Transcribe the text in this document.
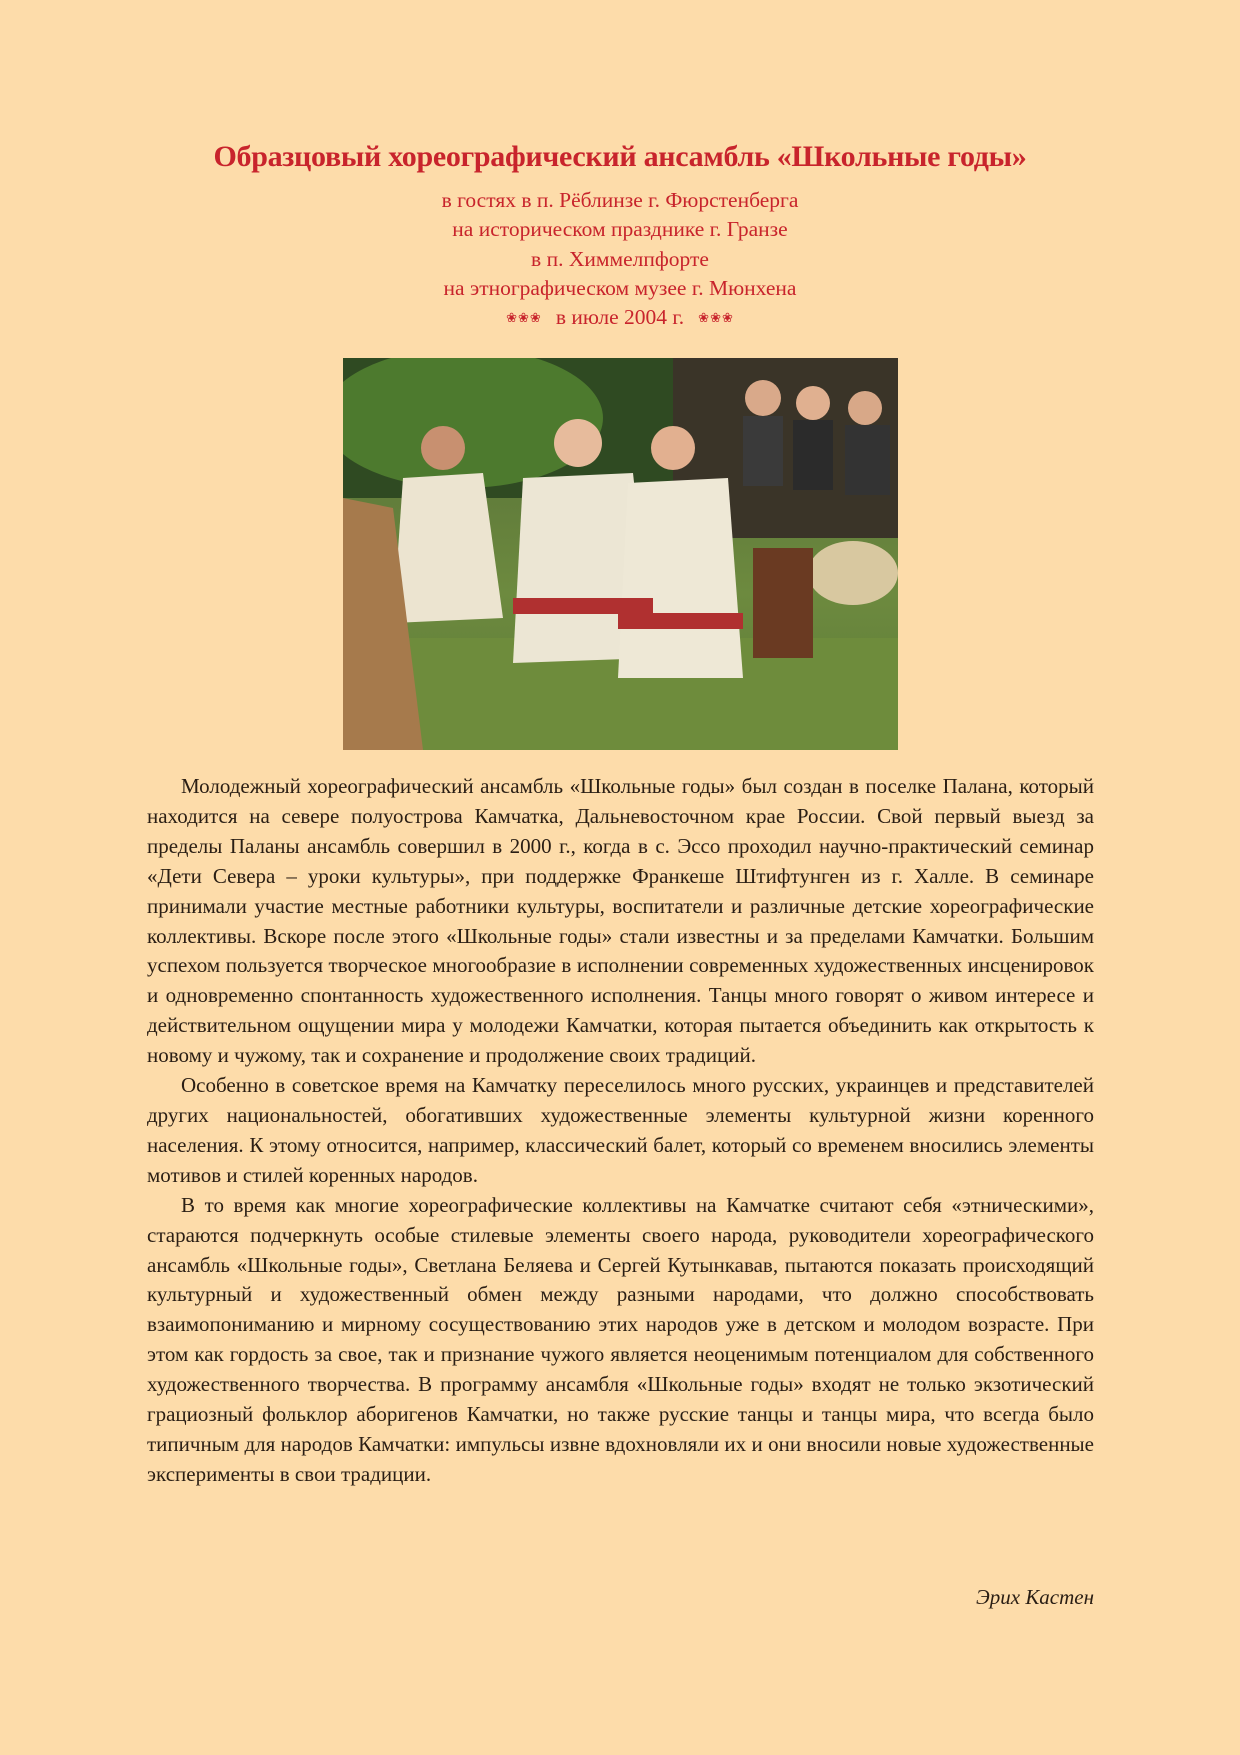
Образцовый хореографический ансамбль «Школьные годы»
в гостях в п. Рёблинзе г. Фюрстенберга
на историческом празднике г. Гранзе
в п. Химмелпфорте
на этнографическом музее г. Мюнхена
❀❀❀ в июле 2004 г. ❀❀❀

Молодежный хореографический ансамбль «Школьные годы» был создан в поселке Палана, который находится на севере полуострова Камчатка, Дальневосточном крае России. Свой первый выезд за пределы Паланы ансамбль совершил в 2000 г., когда в с. Эссо проходил научно-практический семинар «Дети Севера – уроки культуры», при поддержке Франкеше Штифтунген из г. Халле. В семинаре принимали участие местные работники культуры, воспитатели и различные детские хореографические коллективы. Вскоре после этого «Школьные годы» стали известны и за пределами Камчатки. Большим успехом пользуется творческое многообразие в исполнении современных художественных инсценировок и одновременно спонтанность художественного исполнения. Танцы много говорят о живом интересе и действительном ощущении мира у молодежи Камчатки, которая пытается объединить как открытость к новому и чужому, так и сохранение и продолжение своих традиций.

Особенно в советское время на Камчатку переселилось много русских, украинцев и представителей других национальностей, обогативших художественные элементы культурной жизни коренного населения. К этому относится, например, классический балет, который со временем вносились элементы мотивов и стилей коренных народов.

В то время как многие хореографические коллективы на Камчатке считают себя «этническими», стараются подчеркнуть особые стилевые элементы своего народа, руководители хореографического ансамбль «Школьные годы», Светлана Беляева и Сергей Кутынкавав, пытаются показать происходящий культурный и художественный обмен между разными народами, что должно способствовать взаимопониманию и мирному сосуществованию этих народов уже в детском и молодом возрасте. При этом как гордость за свое, так и признание чужого является неоценимым потенциалом для собственного художественного творчества. В программу ансамбля «Школьные годы» входят не только экзотический грациозный фольклор аборигенов Камчатки, но также русские танцы и танцы мира, что всегда было типичным для народов Камчатки: импульсы извне вдохновляли их и они вносили новые художественные эксперименты в свои традиции.

Эрих Кастен
